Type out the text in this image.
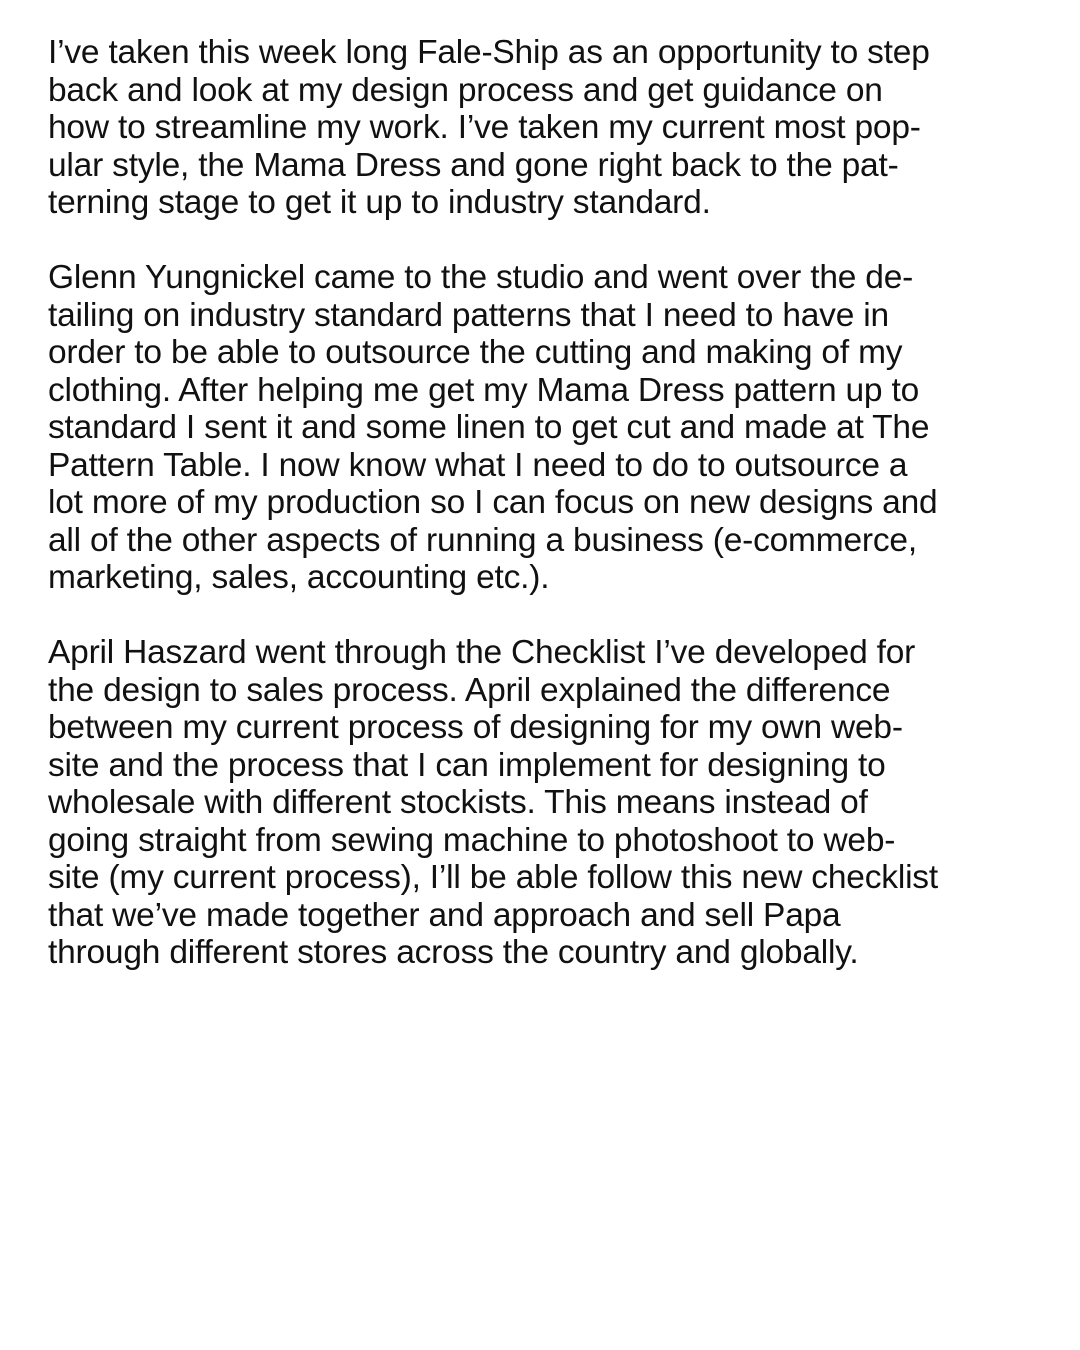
I’ve taken this week long Fale-Ship as an opportunity to step
back and look at my design process and get guidance on
how to streamline my work. I’ve taken my current most pop-
ular style, the Mama Dress and gone right back to the pat-
terning stage to get it up to industry standard.

Glenn Yungnickel came to the studio and went over the de-
tailing on industry standard patterns that I need to have in
order to be able to outsource the cutting and making of my
clothing. After helping me get my Mama Dress pattern up to
standard I sent it and some linen to get cut and made at The
Pattern Table. I now know what I need to do to outsource a
lot more of my production so I can focus on new designs and
all of the other aspects of running a business (e-commerce,
marketing, sales, accounting etc.).

April Haszard went through the Checklist I’ve developed for
the design to sales process. April explained the difference
between my current process of designing for my own web-
site and the process that I can implement for designing to
wholesale with different stockists. This means instead of
going straight from sewing machine to photoshoot to web-
site (my current process), I’ll be able follow this new checklist
that we’ve made together and approach and sell Papa
through different stores across the country and globally.
